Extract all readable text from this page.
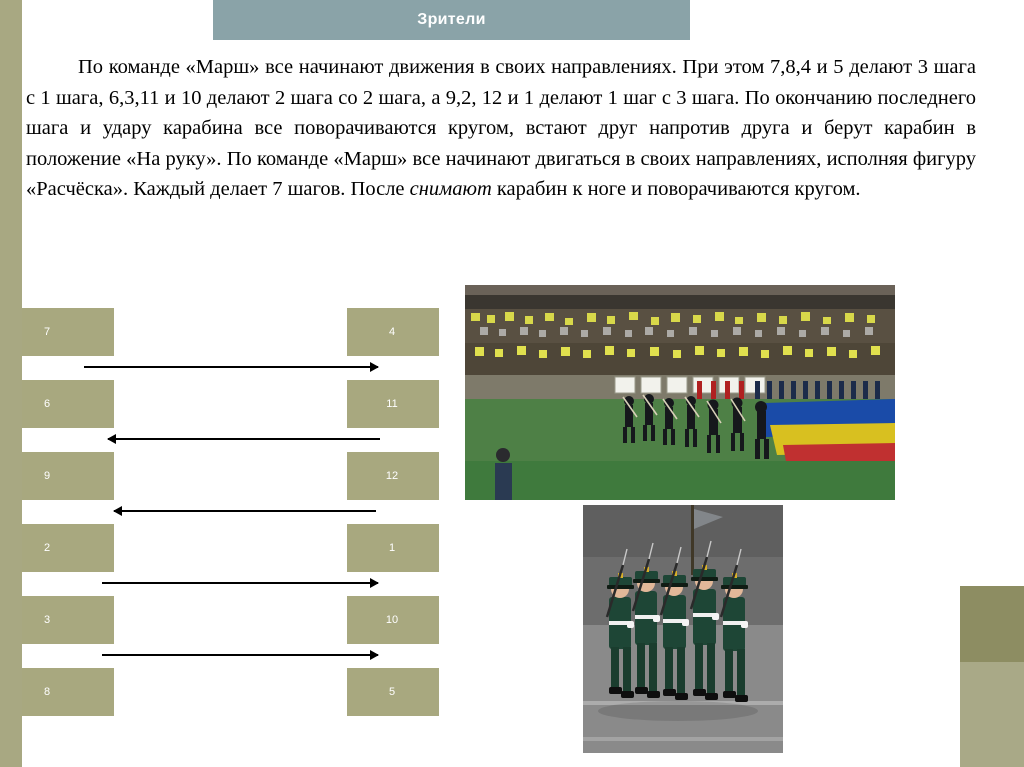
Зрители
По команде «Марш» все начинают движения в своих направлениях. При этом 7,8,4 и 5 делают 3 шага с 1 шага, 6,3,11 и 10 делают 2 шага со 2 шага, а 9,2, 12 и 1 делают 1 шаг с 3 шага. По окончанию последнего шага и удару карабина все поворачиваются кругом, встают друг напротив друга и берут карабин в положение «На руку». По команде «Марш» все начинают двигаться в своих направлениях, исполняя фигуру «Расчёска». Каждый делает 7 шагов. После снимают карабин к ноге и поворачиваются кругом.
7
6
9
2
3
8
4
11
12
1
10
5
